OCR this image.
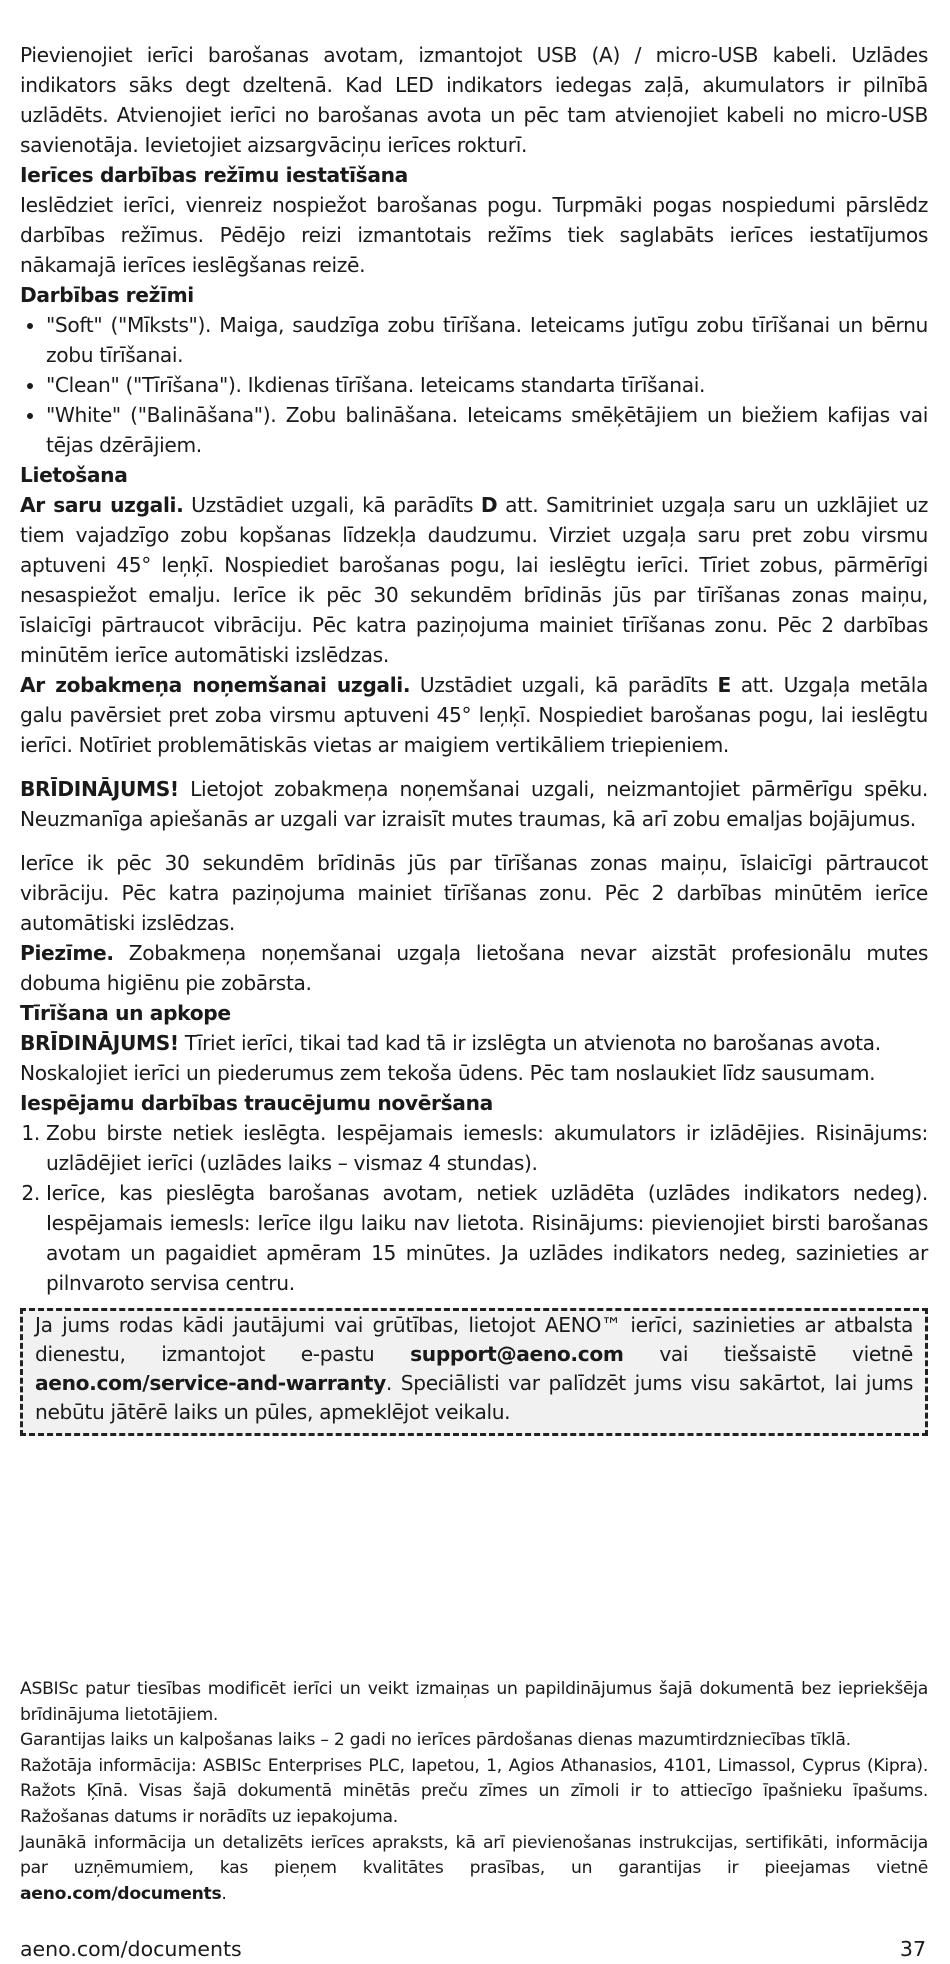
Pievienojiet ierīci barošanas avotam, izmantojot USB (A) / micro-USB kabeli. Uzlādes indikators sāks degt dzeltenā. Kad LED indikators iedegas zaļā, akumulators ir pilnībā uzlādēts. Atvienojiet ierīci no barošanas avota un pēc tam atvienojiet kabeli no micro-USB savienotāja. Ievietojiet aizsargvāciņu ierīces rokturī.

Ierīces darbības režīmu iestatīšana

Ieslēdziet ierīci, vienreiz nospiežot barošanas pogu. Turpmāki pogas nospiedumi pārslēdz darbības režīmus. Pēdējo reizi izmantotais režīms tiek saglabāts ierīces iestatījumos nākamajā ierīces ieslēgšanas reizē.

Darbības režīmi

• "Soft" ("Mīksts"). Maiga, saudzīga zobu tīrīšana. Ieteicams jutīgu zobu tīrīšanai un bērnu zobu tīrīšanai.
• "Clean" ("Tīrīšana"). Ikdienas tīrīšana. Ieteicams standarta tīrīšanai.
• "White" ("Balināšana"). Zobu balināšana. Ieteicams smēķētājiem un biežiem kafijas vai tējas dzērājiem.

Lietošana

Ar saru uzgali. Uzstādiet uzgali, kā parādīts D att. Samitriniet uzgaļa saru un uzklājiet uz tiem vajadzīgo zobu kopšanas līdzekļa daudzumu. Virziet uzgaļa saru pret zobu virsmu aptuveni 45° leņķī. Nospiediet barošanas pogu, lai ieslēgtu ierīci. Tīriet zobus, pārmērīgi nesaspiežot emalju. Ierīce ik pēc 30 sekundēm brīdinās jūs par tīrīšanas zonas maiņu, īslaicīgi pārtraucot vibrāciju. Pēc katra paziņojuma mainiet tīrīšanas zonu. Pēc 2 darbības minūtēm ierīce automātiski izslēdzas.

Ar zobakmeņa noņemšanai uzgali. Uzstādiet uzgali, kā parādīts E att. Uzgaļa metāla galu pavērsiet pret zoba virsmu aptuveni 45° leņķī. Nospiediet barošanas pogu, lai ieslēgtu ierīci. Notīriet problemātiskās vietas ar maigiem vertikāliem triepieniem.

BRĪDINĀJUMS! Lietojot zobakmeņa noņemšanai uzgali, neizmantojiet pārmērīgu spēku. Neuzmanīga apiešanās ar uzgali var izraisīt mutes traumas, kā arī zobu emaljas bojājumus.

Ierīce ik pēc 30 sekundēm brīdinās jūs par tīrīšanas zonas maiņu, īslaicīgi pārtraucot vibrāciju. Pēc katra paziņojuma mainiet tīrīšanas zonu. Pēc 2 darbības minūtēm ierīce automātiski izslēdzas.

Piezīme. Zobakmeņa noņemšanai uzgaļa lietošana nevar aizstāt profesionālu mutes dobuma higiēnu pie zobārsta.

Tīrīšana un apkope

BRĪDINĀJUMS! Tīriet ierīci, tikai tad kad tā ir izslēgta un atvienota no barošanas avota.

Noskalojiet ierīci un piederumus zem tekoša ūdens. Pēc tam noslaukiet līdz sausumam.

Iespējamu darbības traucējumu novēršana

1. Zobu birste netiek ieslēgta. Iespējamais iemesls: akumulators ir izlādējies. Risinājums: uzlādējiet ierīci (uzlādes laiks – vismaz 4 stundas).
2. Ierīce, kas pieslēgta barošanas avotam, netiek uzlādēta (uzlādes indikators nedeg). Iespējamais iemesls: Ierīce ilgu laiku nav lietota. Risinājums: pievienojiet birsti barošanas avotam un pagaidiet apmēram 15 minūtes. Ja uzlādes indikators nedeg, sazinieties ar pilnvaroto servisa centru.
Ja jums rodas kādi jautājumi vai grūtības, lietojot AENO™ ierīci, sazinieties ar atbalsta dienestu, izmantojot e-pastu support@aeno.com vai tiešsaistē vietnē aeno.com/service-and-warranty. Speciālisti var palīdzēt jums visu sakārtot, lai jums nebūtu jātērē laiks un pūles, apmeklējot veikalu.

ASBISc patur tiesības modificēt ierīci un veikt izmaiņas un papildinājumus šajā dokumentā bez iepriekšēja brīdinājuma lietotājiem.

Garantijas laiks un kalpošanas laiks – 2 gadi no ierīces pārdošanas dienas mazumtirdzniecības tīklā.

Ražotāja informācija: ASBISc Enterprises PLC, Iapetou, 1, Agios Athanasios, 4101, Limassol, Cyprus (Kipra). Ražots Ķīnā. Visas šajā dokumentā minētās preču zīmes un zīmoli ir to attiecīgo īpašnieku īpašums. Ražošanas datums ir norādīts uz iepakojuma.

Jaunākā informācija un detalizēts ierīces apraksts, kā arī pievienošanas instrukcijas, sertifikāti, informācija par uzņēmumiem, kas pieņem kvalitātes prasības, un garantijas ir pieejamas vietnē aeno.com/documents.

aeno.com/documents	37
